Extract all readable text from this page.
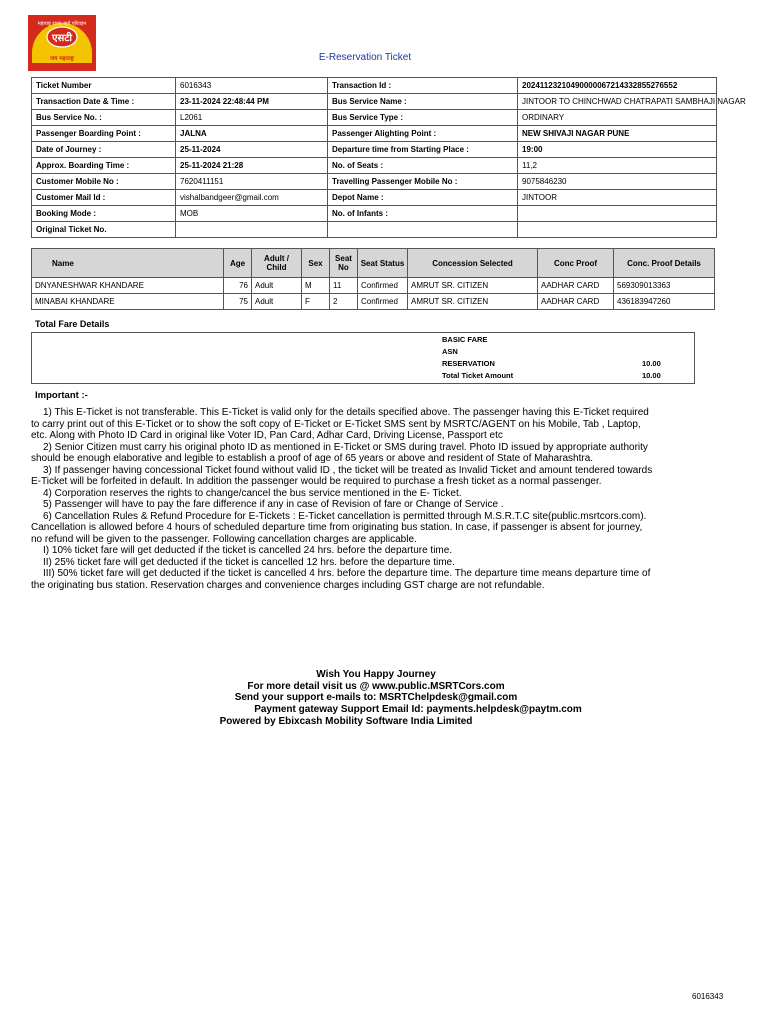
एसटी
महाराष्ट्र राज्य मार्ग परिवहन
जय महाराष्ट्र	E-Reservation Ticket
Ticket Number	6016343	Transaction Id :	20241123210490000067214332855276552
Transaction Date & Time :	23-11-2024 22:48:44 PM	Bus Service Name :	JINTOOR TO CHINCHWAD CHATRAPATI SAMBHAJI NAGAR
Bus Service No. :	L2061	Bus Service Type :	ORDINARY
Passenger Boarding Point :	JALNA	Passenger Alighting Point :	NEW SHIVAJI NAGAR PUNE
Date of Journey :	25-11-2024	Departure time from Starting Place :	19:00
Approx. Boarding Time :	25-11-2024 21:28	No. of Seats :	11,2
Customer Mobile No :	7620411151	Travelling Passenger Mobile No :	9075846230
Customer Mail Id :	vishalbandgeer@gmail.com	Depot Name :	JINTOOR
Booking Mode :	MOB	No. of Infants :	
Original Ticket No.			
Name	Age	Adult / Child	Sex	Seat No	Seat Status	Concession Selected	Conc Proof	Conc. Proof Details
DNYANESHWAR KHANDARE	76	Adult	M	11	Confirmed	AMRUT SR. CITIZEN	AADHAR CARD	569309013363
MINABAI KHANDARE	75	Adult	F	2	Confirmed	AMRUT SR. CITIZEN	AADHAR CARD	436183947260
Total Fare Details
BASIC FARE
ASN
RESERVATION	10.00
Total Ticket Amount	10.00
Important :-

1) This E-Ticket is not transferable. This E-Ticket is valid only for the details specified above. The passenger having this E-Ticket required to carry print out of this E-Ticket or to show the soft copy of E-Ticket or E-Ticket SMS sent by MSRTC/AGENT on his Mobile, Tab , Laptop, etc. Along with Photo ID Card in original like Voter ID, Pan Card, Adhar Card, Driving License, Passport etc

2) Senior Citizen must carry his original photo ID as mentioned in E-Ticket or SMS during travel. Photo ID issued by appropriate authority should be enough elaborative and legible to establish a proof of age of 65 years or above and resident of State of Maharashtra.

3) If passenger having concessional Ticket found without valid ID , the ticket will be treated as Invalid Ticket and amount tendered towards E-Ticket will be forfeited in default. In addition the passenger would be required to purchase a fresh ticket as a normal passenger.

4) Corporation reserves the rights to change/cancel the bus service mentioned in the E- Ticket.

5) Passenger will have to pay the fare difference if any in case of Revision of fare or Change of Service .

6) Cancellation Rules & Refund Procedure for E-Tickets : E-Ticket cancellation is permitted through M.S.R.T.C site(public.msrtcors.com). Cancellation is allowed before 4 hours of scheduled departure time from originating bus station. In case, if passenger is absent for journey, no refund will be given to the passenger. Following cancellation charges are applicable.

I) 10% ticket fare will get deducted if the ticket is cancelled 24 hrs. before the departure time.

II) 25% ticket fare will get deducted if the ticket is cancelled 12 hrs. before the departure time.

III) 50% ticket fare will get deducted if the ticket is cancelled 4 hrs. before the departure time. The departure time means departure time of the originating bus station. Reservation charges and convenience charges including GST charge are not refundable.

Wish You Happy Journey
For more detail visit us @ www.public.MSRTCors.com
Send your support e-mails to: MSRTChelpdesk@gmail.com
Payment gateway Support Email Id: payments.helpdesk@paytm.com
Powered by Ebixcash Mobility Software India Limited
6016343
